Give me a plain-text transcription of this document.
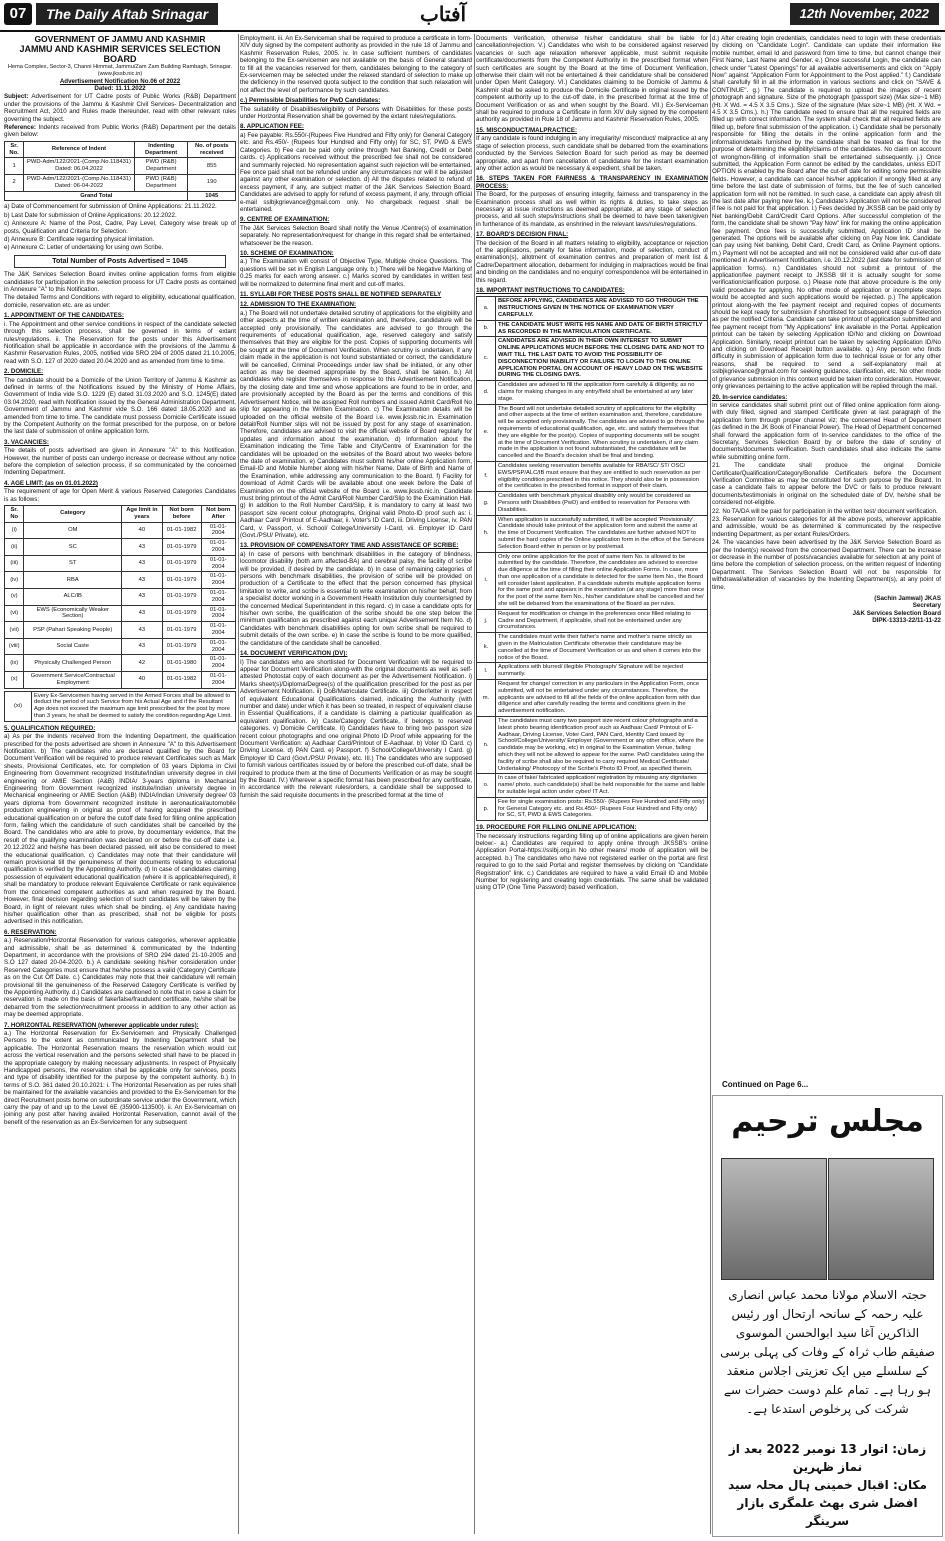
07	The Daily Aftab Srinagar	آفتاب	12th November, 2022
GOVERNMENT OF JAMMU AND KASHMIR
JAMMU AND KASHMIR SERVICES SELECTION BOARD
Hema Complex, Sector-3, Channi Himmat, Jammu/Zam Zam Building Rambagh, Srinagar.
(www.jkssb.nic.in)
Advertisement Notification No.06 of 2022
Dated: 11.11.2022
Subject: Advertisement for UT Cadre posts of Public Works (R&B) Department under the provisions of the Jammu & Kashmir Civil Services- Decentralization and Recruitment Act, 2010 and Rules made thereunder, read with other relevant rules governing the subject.
Reference: Indents received from Public Works (R&B) Department per the details given below:
Sr. No.	Reference of Indent	Indenting Department	No. of posts received
1	PWD-Adm/122/2021-(Comp.No.118431) Dated: 06.04.2022	PWD (R&B) Department	855
2	PWD-Adm/122/2021-(Comp.No.118431) Dated: 06-04-2022	PWD (R&B) Department	190
Grand Total			1045
a) Date of Commencement for submission of Online Applications: 21.11.2022.
b) Last Date for submission of Online Applications: 20.12.2022.
c) Annexure A: Name of the Post, Cadre, Pay Level, Category wise break up of posts, Qualification and Criteria for Selection.
d) Annexure B: Certificate regarding physical limitation.
e) Annexure C: Letter of undertaking for using own Scribe.
Total Number of Posts Advertised = 1045
The J&K Services Selection Board invites online application forms from eligible candidates for participation in the selection process for UT Cadre posts as contained in Annexure "A" to this Notification.
The detailed Terms and Conditions with regard to eligibility, educational qualification, domicile, reservation etc. are as under:
1. APPOINTMENT OF THE CANDIDATES:
i. The Appointment and other service conditions in respect of the candidate selected through this selection process, shall be governed in terms of extant rules/regulations. ii. The Reservation for the posts under this Advertisement Notification shall be applicable in accordance with the provisions of the Jammu & Kashmir Reservation Rules, 2005, notified vide SRO 294 of 2005 dated 21.10.2005, read with S.O. 127 of 2020 dated 20.04.2020 and as amended from time to time.
2. DOMICILE:
The candidate should be a Domicile of the Union Territory of Jammu & Kashmir as defined in terms of the Notifications issued by the Ministry of Home Affairs, Government of India vide S.O. 1229 (E) dated 31.03.2020 and S.O. 1245(E) dated 03.04.2020, read with Notification issued by the General Administration Department, Government of Jammu and Kashmir vide S.O. 166 dated 18.05.2020 and as amended from time to time. The candidate must possess Domicile Certificate issued by the Competent Authority on the format prescribed for the purpose, on or before the last date of submission of online application form.
3. VACANCIES:
The details of posts advertised are given in Annexure "A" to this Notification. However, the number of posts can undergo increase or decrease without any notice before the completion of selection process, if so communicated by the concerned Indenting Department.
4. AGE LIMIT: (as on 01.01.2022)
The requirement of age for Open Merit & various Reserved Categories Candidates is as follows:
Sr. No	Category	Age limit in years	Not born before	Not born After
(i)	OM	40	01-01-1982	01-01-2004
(ii)	SC	43	01-01-1979	01-01-2004
(iii)	ST	43	01-01-1979	01-01-2004
(iv)	RBA	43	01-01-1979	01-01-2004
(v)	ALC/IB	43	01-01-1979	01-01-2004
(vi)	EWS (Economically Weaker Section)	43	01-01-1979	01-01-2004
(vii)	PSP (Pahari Speaking People)	43	01-01-1979	01-01-2004
(viii)	Social Caste	43	01-01-1979	01-01-2004
(ix)	Physically Challenged Person	42	01-01-1980	01-01-2004
(x)	Government Service/Contractual Employment	40	01-01-1982	01-01-2004
(xi)	Every Ex-Servicemen having served in the Armed Forces shall be allowed to deduct the period of such Service from his Actual Age and if the Resultant Age does not exceed the maximum age limit prescribed for the post by more than 3 years, he shall be deemed to satisfy the condition regarding Age Limit.
5. QUALIFICATION REQUIRED:
a) As per the Indents received from the Indenting Department, the qualification prescribed for the posts advertised are shown in Annexure "A" to this Advertisement Notification. b) The candidates who are declared qualified by the Board for Document Verification will be required to produce relevant Certificates such as Mark sheets, Provisional Certificates, etc. for completion of 03 years Diploma in Civil Engineering from Government recognized Institute/Indian university degree in civil engineering or AMIE Section (A&B) INDIA/ 3-years diploma in Mechanical Engineering from Government recognized institute/Indian university degree in Mechanical engineering or AMIE Section (A&B) INDIA/Indian University degree/ 03 years diploma from Government recognized institute in aeronautical/automobile production engineering in original as proof of having acquired the prescribed educational qualification on or before the cutoff date fixed for filling online application form, failing which the candidature of such candidates shall be cancelled by the Board. The candidates who are able to prove, by documentary evidence, that the result of the qualifying examination was declared on or before the cut-off date i.e. 20.12.2022 and he/she has been declared passed, will also be considered to meet the educational qualification. c) Candidates may note that their candidature will remain provisional till the genuineness of their documents relating to educational qualification is verified by the Appointing Authority. d) In case of candidates claiming possession of equivalent educational qualification (where it is applicable/required), it shall be mandatory to produce relevant Equivalence Certificate or rank equivalence from the concerned competent authorities as and when required by the Board. However, final decision regarding selection of such candidates will be taken by the Board, in light of relevant rules which shall be binding. e) Any candidate having his/her qualification other than as prescribed, shall not be eligible for posts advertised in this notification.
6. RESERVATION:
a.) Reservation/Horizontal Reservation for various categories, wherever applicable and admissible, shall be as determined & communicated by the Indenting Department, in accordance with the provisions of SRO 294 dated 21-10-2005 and S.O 127 dated 20-04-2020. b.) A candidate seeking his/her consideration under Reserved Categories must ensure that he/she possess a valid (Category) Certificate as on the Cut Off Date. c.) Candidates may note that their candidature will remain provisional till the genuineness of the Reserved Category Certificate is verified by the Appointing Authority. d.) Candidates are cautioned to note that in case a claim for reservation is made on the basis of fake/false/fraudulent certificate, he/she shall be debarred from the selection/recruitment process in addition to any other action as may be deemed appropriate.
7. HORIZONTAL RESERVATION (wherever applicable under rules):
a.) The Horizontal Reservation for Ex-Servicemen and Physically Challenged Persons to the extent as communicated by Indenting Department shall be applicable. The Horizontal Reservation means the reservation which would cut across the vertical reservation and the persons selected shall have to be placed in the appropriate category by making necessary adjustments. In respect of Physically Handicapped persons, the reservation shall be applicable only for services, posts and type of disability identified for the purpose by the competent authority. b.) In terms of S.O. 361 dated 20.10.2021: i. The Horizontal Reservation as per rules shall be maintained for the available vacancies and provided to the Ex-Servicemen for the direct Recruitment posts borne on subordinate service under the Government, which carry the pay of and up to the Level 6E (35900-113500). ii. An Ex-Serviceman on joining any post after having availed Horizontal Reservation, cannot avail of the benefit of the reservation as an Ex-Servicemen for any subsequent
Employment. iii. An Ex-Serviceman shall be required to produce a certificate in form-XIV duly signed by the competent authority as provided in the rule 18 of Jammu and Kashmir Reservation Rules, 2005. iv. In case sufficient numbers of candidates belonging to the Ex-servicemen are not available on the basis of General standard to fill all the vacancies reserved for them, candidates belonging to the category of Ex-servicemen may be selected under the relaxed standard of selection to make up the deficiency in the reserved quota subject to the condition that such relaxation will not affect the level of performance by such candidates.
c.) Permissible Disabilities for PwD Candidates:
The suitability of Disabilities/eligibility of Persons with Disabilities for these posts under Horizontal Reservation shall be governed by the extant rules/regulations.
8. APPLICATION FEE:
a) Fee payable: Rs.550/-(Rupees Five Hundred and Fifty only) for General Category etc. and Rs.450/- (Rupees four Hundred and Fifty only) for SC, ST, PWD & EWS Categories. b) Fee can be paid only online through Net Banking, Credit or Debit cards. c) Applications received without the prescribed fee shall not be considered and summarily rejected. No representation against such rejection will be entertained. Fee once paid shall not be refunded under any circumstances nor will it be adjusted against any other examination or selection. d) All the disputes related to refund of excess payment, if any, are subject matter of the J&K Services Selection Board. Candidates are advised to apply for refund of excess payment, if any, through official e-mail sslbjkgrievance@gmail.com only. No chargeback request shall be entertained.
9. CENTRE OF EXAMINATION:
The J&K Services Selection Board shall notify the Venue /Centre(s) of examination separately. No representation/request for change in this regard shall be entertained, whatsoever be the reason.
10. SCHEME OF EXAMINATION:
a.) The Examination will consist of Objective Type, Multiple choice Questions. The questions will be set in English Language only. b.) There will be Negative Marking of 0.25 marks for each wrong answer. c.) Marks scored by candidates in written test will be normalized to determine final merit and cut-off marks.
11. SYLLABI FOR THESE POSTS SHALL BE NOTIFIED SEPARATELY
12. ADMISSION TO THE EXAMINATION:
a.) The Board will not undertake detailed scrutiny of applications for the eligibility and other aspects at the time of written examination and, therefore, candidature will be accepted only provisionally. The candidates are advised to go through the requirements of educational qualification, age, reserved category and satisfy themselves that they are eligible for the post. Copies of supporting documents will be sought at the time of Document Verification. When scrutiny is undertaken, if any claim made in the application is not found substantiated or correct, the candidature will be cancelled, Criminal Proceedings under law shall be initiated, or any other action as may be deemed appropriate by the Board, shall be taken. b.) All candidates who register themselves in response to this Advertisement Notification, by the closing date and time and whose applications are found to be in order, and are provisionally accepted by the Board as per the terms and conditions of this Advertisement Notice, will be assigned Roll numbers and issued Admit Card/Roll No slip for appearing in the Written Examination. c) The Examination details will be uploaded on the official website of the Board i.e. www.jkssb.nic.in. Examination detail/Roll Number slips will not be issued by post for any stage of examination. Therefore, candidates are advised to visit the official website of Board regularly for updates and information about the examination. d) Information about the Examination indicating the Time Table and City/Centre of Examination for the candidates will be uploaded on the websites of the Board about two weeks before the date of examination. e) Candidates must submit his/her online Application form, Email-ID and Mobile Number along with his/her Name, Date of Birth and Name of the Examination, while addressing any communication to the Board. f) Facility for download of Admit Cards will be available about one week before the Date of Examination on the official website of the Board i.e. www.jkssb.nic.in. Candidate must bring printout of the Admit Card/Roll Number Card/Slip to the Examination Hall. g) In addition to the Roll Number Card/Slip, it is mandatory to carry at least two passport size recent colour photographs, Original valid Photo-ID proof such as: i. Aadhaar Card/ Printout of E-Aadhaar, ii. Voter's ID Card, iii. Driving License, iv. PAN Card, v. Passport, vi. School/ College/University I-Card, vii. Employer ID Card (Govt./PSU/ Private), etc.
13. PROVISION OF COMPENSATORY TIME AND ASSISTANCE OF SCRIBE:
a) In case of persons with benchmark disabilities in the category of blindness, locomotor disability (both arm affected-BA) and cerebral palsy, the facility of scribe will be provided, if desired by the candidate. b) In case of remaining categories of persons with benchmark disabilities, the provision of scribe will be provided on production of a Certificate to the effect that the person concerned has physical limitation to write, and scribe is essential to write examination on his/her behalf, from a specialist doctor working in a Government Health Institution duly countersigned by the concerned Medical Superintendent in this regard. c) In case a candidate opts for his/her own scribe, the qualification of the scribe should be one step below the minimum qualification as prescribed against each unique Advertisement Item No. d) Candidates with benchmark disabilities opting for own scribe shall be required to submit details of the own scribe. e) In case the scribe is found to be more qualified, the candidature of the candidate shall be cancelled.
14. DOCUMENT VERIFICATION (DV):
I) The candidates who are shortlisted for Document Verification will be required to appear for Document Verification along-with the original documents as well as self-attested Photostat copy of each document as per the Advertisement Notification. i) Marks sheet(s)/Diploma/Degree(s) of the qualification prescribed for the post as per Advertisement Notification. ii) DoB/Matriculate Certificate. iii) Order/letter in respect of equivalent Educational Qualifications claimed, indicating the Authority (with number and date) under which it has been so treated, in respect of equivalent clause in Essential Qualifications, if a candidate is claiming a particular qualification as equivalent qualification. iv) Caste/Category Certificate, if belongs to reserved categories. v) Domicile Certificate. II) Candidates have to bring two passport size recent colour photographs and one original Photo ID Proof while appearing for the Document Verification: a) Aadhaar Card/Printout of E-Aadhaar. b) Voter ID Card. c) Driving License. d) PAN Card. e) Passport. f) School/College/University I Card. g) Employer ID Card (Govt./PSU/ Private), etc. III.) The candidates who are supposed to furnish various certificates issued by or before the prescribed cut-off date, shall be required to produce them at the time of Documents Verification or as may be sought by the Board. IV.) Wherever a specific format has been prescribed for any certificate, in accordance with the relevant rules/orders, a candidate shall be supposed to furnish the said requisite documents in the prescribed format at the time of
Documents Verification, otherwise his/her candidature shall be liable for cancellation/rejection. V.) Candidates who wish to be considered against reserved vacancies or such age relaxation wherever applicable, must submit requisite certificate/documents from the Competent Authority in the prescribed format when such certificates are sought by the Board at the time of Document Verification, otherwise their claim will not be entertained & their candidature shall be considered under Open Merit Category. VI.) Candidates claiming to be Domicile of Jammu & Kashmir shall be asked to produce the Domicile Certificate in original issued by the competent authority up to the cut-off date, in the prescribed format at the time of Document Verification or as and when sought by the Board. VII.) Ex-Serviceman shall be required to produce a Certificate in form XIV duly signed by the competent authority as provided in Rule 18 of Jammu and Kashmir Reservation Rules, 2005.
15. MISCONDUCT/MALPRACTICE:
If any candidate is found indulging in any irregularity/ misconduct/ malpractice at any stage of selection process, such candidate shall be debarred from the examinations conducted by the Services Selection Board for such period as may be deemed appropriate, and apart from cancellation of candidature for the instant examination any other action as would be necessary & expedient, shall be taken.
16. STEPS TAKEN FOR FAIRNESS & TRANSPARENCY IN EXAMINATION PROCESS:
The Board, for the purposes of ensuring integrity, fairness and transparency in the Examination process shall as well within its rights & duties, to take steps as necessary at issue instructions as deemed appropriate, at any stage of selection process, and all such steps/instructions shall be deemed to have been taken/given in furtherance of its mandate, as enshrined in the relevant laws/rules/regulations.
17. BOARD'S DECISION FINAL:
The decision of the Board in all matters relating to eligibility, acceptance or rejection of the applications, penalty for false information, mode of selection, conduct of examination(s), allotment of examination centres and preparation of merit list & Cadre/Department allocation, debarment for indulging in malpractices would be final and binding on the candidates and no enquiry/ correspondence will be entertained in this regard.
18. IMPORTANT INSTRUCTIONS TO CANDIDATES:
a.	BEFORE APPLYING, CANDIDATES ARE ADVISED TO GO THROUGH THE INSTRUCTIONS GIVEN IN THE NOTICE OF EXAMINATION VERY CAREFULLY.
b.	THE CANDIDATE MUST WRITE HIS NAME AND DATE OF BIRTH STRICTLY AS RECORDED IN THE MATRICULATION CERTIFICATE.
c.	CANDIDATES ARE ADVISED IN THEIR OWN INTEREST TO SUBMIT ONLINE APPLICATIONS MUCH BEFORE THE CLOSING DATE AND NOT TO WAIT TILL THE LAST DATE TO AVOID THE POSSIBILITY OF DISCONNECTION/ INABILITY OR FAILURE TO LOGIN TO THE ONLINE APPLICATION PORTAL ON ACCOUNT OF HEAVY LOAD ON THE WEBSITE DURING THE CLOSING DAYS.
d.	Candidates are advised to fill the application form carefully & diligently, as no claims for making changes in any entry/field shall be entertained at any later stage.
e.	The Board will not undertake detailed scrutiny of applications for the eligibility and other aspects at the time of written examination and, therefore, candidature will be accepted only provisionally. The candidates are advised to go through the requirements of educational qualification, age, etc. and satisfy themselves that they are eligible for the post(s). Copies of supporting documents will be sought at the time of Document Verification. When scrutiny is undertaken, if any claim made in the application is not found substantiated, the candidature will be cancelled and the Board's decision shall be final and binding.
f.	Candidates seeking reservation benefits available for RBA/SC/ ST/ OSC/ EWS/PSP/ALC/IB must ensure that they are entitled to such reservation as per eligibility condition prescribed in this notice. They should also be in possession of the certificates in the prescribed format in support of their claim.
g.	Candidates with benchmark physical disability only would be considered as Persons with Disabilities (PwD) and entitled to reservation for Persons with Disabilities.
h.	When application is successfully submitted, it will be accepted 'Provisionally'. Candidate should take printout of the application form and submit the same at the time of Document Verification. The candidates are further advised NOT to submit the hard copies of the Online application form in the office of the Services Selection Board either in person or by post/email.
i.	Only one online application for the post of same item No. is allowed to be submitted by the candidate. Therefore, the candidates are advised to exercise due diligence at the time of filling their online Application Forms. In case, more than one application of a candidate is detected for the same Item No., the Board will consider latest application. If a candidate submits multiple application forms for the same post and appears in the examination (at any stage) more than once for the post of the same Item No., his/her candidature shall be cancelled and he/ she will be debarred from the examinations of the Board as per rules.
j.	Request for modification or change in the preferences once filled relating to Cadre and Department, if applicable, shall not be entertained under any circumstances.
k.	The candidates must write their father's name and mother's name strictly as given in the Matriculation Certificate otherwise their candidature may be cancelled at the time of Document Verification or as and when it comes into the notice of the Board.
l.	Applications with blurred/ illegible Photograph/ Signature will be rejected summarily.
m.	Request for change/ correction in any particulars in the Application Form, once submitted, will not be entertained under any circumstances. Therefore, the applicants are advised to fill all the fields of the online application form with due diligence and after carefully reading the terms and conditions given in the advertisement notification.
n.	The candidates must carry two passport size recent colour photographs and a latest photo bearing identification proof such as Aadhaar Card/ Printout of E-Aadhaar, Driving License, Voter Card, PAN Card, Identity Card issued by School/College/University/ Employer (Government or any other office, where the candidate may be working, etc) in original to the Examination Venue, failing which they will not be allowed to appear for the same. PwD candidates using the facility of scribe shall also be required to carry required Medical Certificate/ Undertaking/ Photocopy of the Scribe's Photo ID Proof, as specified therein.
o.	In case of fake/ fabricated application/ registration by misusing any dignitaries name/ photo, such candidate(s) shall be held responsible for the same and liable for suitable legal action under cyber/ IT Act.
p.	Fee for single examination posts: Rs.550/- (Rupees Five Hundred and Fifty only) for General Category etc. and Rs.450/- (Rupees Four Hundred and Fifty only) for SC, ST, PWD & EWS Categories.
19. PROCEDURE FOR FILLING ONLINE APPLICATION:
The necessary instructions regarding filling up of online applications are given herein below:- a.) Candidates are required to apply online through JKSSB's online Application Portal-https://sslbj.org.in No other means/ mode of application will be accepted. b.) The candidates who have not registered earlier on the portal are first required to go to the said Portal and register themselves by clicking on "Candidate Registration" link. c.) Candidates are required to have a valid Email ID and Mobile Number for registering and creating login credentials. The same shall be validated using OTP (One Time Password) based verification.
d.) After creating login credentials, candidates need to login with these credentials by clicking on "Candidate Login". Candidate can update their information like mobile number, email Id and password from time to time, but cannot change their First Name, Last Name and Gender. e.) Once successful Login, the candidate can check under "Latest Openings" for all available advertisements and click on "Apply Now" against "Application Form for Appointment to the Post applied." f.) Candidate shall carefully fill in all the information in various sections and click on "SAVE & CONTINUE". g.) The candidate is required to upload the images of recent photograph and signature. Size of the photograph (passport size) (Max size~1 MB) (Ht. X Wd. = 4.5 X 3.5 Cms.). Size of the signature (Max size~1 MB) (Ht. X Wd. = 4.5 X 3.5 Cms.). h.) The candidate need to ensure that all the required fields are filled up with correct information. The system shall check that all required fields are filled up, before final submission of the application. i.) Candidate shall be personally responsible for filling the details in the online application form and the information/details furnished by the candidate shall be treated as final for the purpose of determining the eligibility/claims of the candidates. No claim on account of wrong/non-filling of information shall be entertained subsequently. j.) Once submitted, the Application Form cannot be edited by the candidates, unless EDIT OPTION is enabled by the Board after the cut-off date for editing some permissible fields. However, a candidate can cancel his/her application if wrongly filled at any time before the last date of submission of forms, but the fee of such cancelled application form will not be remitted. In such case, a candidate can apply afresh till the last date after paying new fee. k.) Candidate's Application will not be considered if fee is not paid for that application. l.) Fees decided by JKSSB can be paid only by Net banking/Debit Card/Credit Card Options. After successful completion of the form, the candidate shall be shown "Pay Now" link for making the online application fee payment. Once fees is successfully submitted, Application ID shall be generated. The options will be available after clicking on Pay Now link. Candidate can pay using Net banking, Debit Card, Credit Card, as Online Payment options. m.) Payment will not be accepted and will not be considered valid after cut-off date mentioned in Advertisement Notification, i.e. 20.12.2022 (last date for submission of application forms). n.) Candidates should not submit a printout of the application/fee payment receipt to JKSSB till it is actually sought for some verification/clarification purpose. o.) Please note that above procedure is the only valid procedure for applying. No other mode of application or incomplete steps would be accepted and such applications would be rejected. p.) The application printout along-with the fee payment receipt and required copies of documents should be kept ready for submission if shortlisted for subsequent stage of Selection as per the notified Criteria. Candidate can take printout of application submitted and fee payment receipt from "My Applications" link available in the Portal. Application printout can be taken by selecting Application ID/No and clicking on Download Application. Similarly, receipt printout can be taken by selecting Application ID/No and clicking on Download Receipt button available. q.) Any person who finds difficulty in submission of application form due to technical issue or for any other reasons, shall be required to send a self-explanatory mail at sslbjkgrievance@gmail.com for seeking guidance, clarification, etc. No other mode of grievance submission in this context would be taken into consideration. However, only grievances pertaining to the active application will be replied through the mail.
20. In-service candidates:
In service candidates shall submit print out of filled online application form along-with duly filled, signed and stamped Certificate given at last paragraph of the application form through proper channel viz; the concerned Head of Department (as defined in the JK Book of Financial Power). The Head of Department concerned shall forward the application form of In-service candidates to the office of the Secretary, Services Selection Board by or before the date of scrutiny of documents/documents verification. Such candidates shall also indicate the same while submitting online form.
21. The candidate shall produce the original Domicile Certificate/Qualification/Category/Bonafide Certificate/s before the Document Verification Committee as may be constituted for such purpose by the Board. In case a candidate fails to appear before the DVC or fails to produce relevant documents/testimonials in original on the scheduled date of DV, he/she shall be considered not-eligible.
22. No TA/DA will be paid for participation in the written test/ document verification.
23. Reservation for various categories for all the above posts, wherever applicable and admissible, would be as determined & communicated by the respective Indenting Department, as per extant Rules/Orders.
24. The vacancies have been advertised by the J&K Service Selection Board as per the Indent(s) received from the concerned Department. There can be increase or decrease in the number of posts/vacancies available for selection at any point of time before the completion of selection process, on the written request of Indenting Department. The Services Selection Board will not be responsible for withdrawal/alteration of vacancies by the Indenting Department(s), at any point of time.
(Sachin Jamwal) JKAS
Secretary
J&K Services Selection Board
DIPK-13313-22/11-11-22
Continued on Page 6...
مجلس ترحیم
حجتہ الاسلام مولانا محمد عباس انصاری علیہ رحمہ کے سانحہ ارتحال اور رئیس الذاکرین آغا سید ابوالحسن الموسوی صفیقم طاب ثراہ کے وفات کی پہلی برسی کے سلسلے میں ایک تعزیتی اجلاس منعقد ہو رہا ہے۔ تمام علم دوست حضرات سے شرکت کی پرخلوص استدعا ہے۔
زمان: اتوار 13 نومبر 2022 بعد از نماز ظہرین
مکان: اقبال خمینی ہال محلہ سید افضل شری بھٹ علمگری بازار سرینگر
